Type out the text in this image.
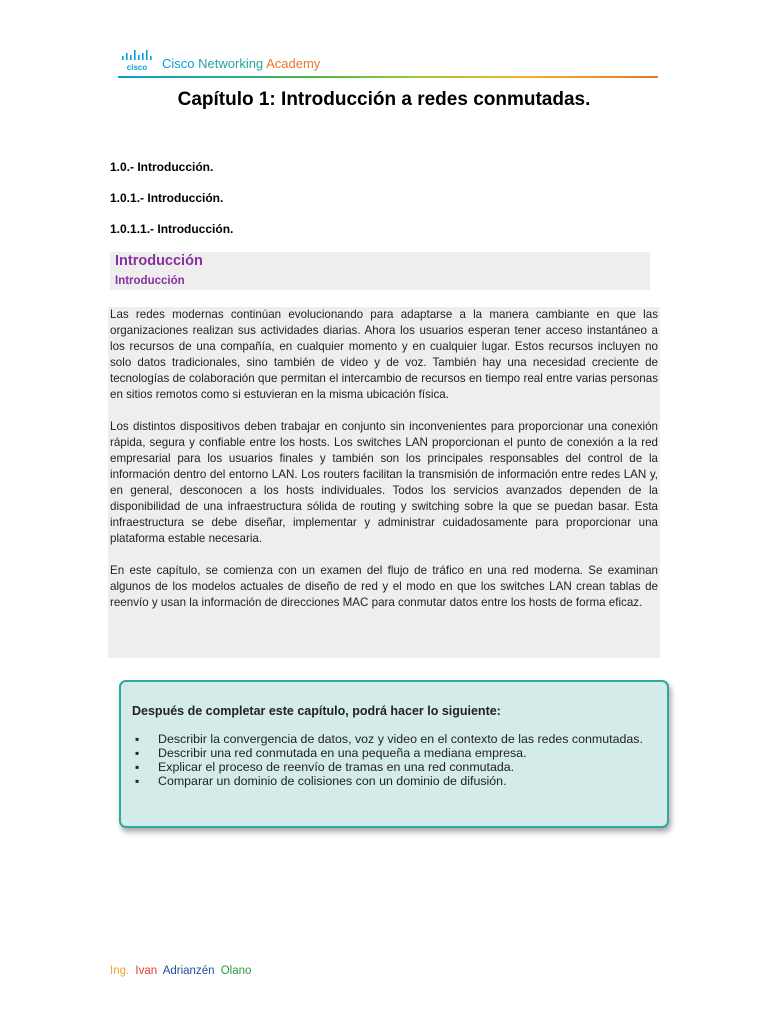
cisco Cisco Networking Academy
Capítulo 1: Introducción a redes conmutadas.

1.0.- Introducción.

1.0.1.- Introducción.

1.0.1.1.- Introducción.

Introducción
Introducción

Las redes modernas continúan evolucionando para adaptarse a la manera cambiante en que las organizaciones realizan sus actividades diarias. Ahora los usuarios esperan tener acceso instantáneo a los recursos de una compañía, en cualquier momento y en cualquier lugar. Estos recursos incluyen no solo datos tradicionales, sino también de video y de voz. También hay una necesidad creciente de tecnologías de colaboración que permitan el intercambio de recursos en tiempo real entre varias personas en sitios remotos como si estuvieran en la misma ubicación física.

Los distintos dispositivos deben trabajar en conjunto sin inconvenientes para proporcionar una conexión rápida, segura y confiable entre los hosts. Los switches LAN proporcionan el punto de conexión a la red empresarial para los usuarios finales y también son los principales responsables del control de la información dentro del entorno LAN. Los routers facilitan la transmisión de información entre redes LAN y, en general, desconocen a los hosts individuales. Todos los servicios avanzados dependen de la disponibilidad de una infraestructura sólida de routing y switching sobre la que se puedan basar. Esta infraestructura se debe diseñar, implementar y administrar cuidadosamente para proporcionar una plataforma estable necesaria.

En este capítulo, se comienza con un examen del flujo de tráfico en una red moderna. Se examinan algunos de los modelos actuales de diseño de red y el modo en que los switches LAN crean tablas de reenvío y usan la información de direcciones MAC para conmutar datos entre los hosts de forma eficaz.

Después de completar este capítulo, podrá hacer lo siguiente:
▪ Describir la convergencia de datos, voz y video en el contexto de las redes conmutadas.
▪ Describir una red conmutada en una pequeña a mediana empresa.
▪ Explicar el proceso de reenvío de tramas en una red conmutada.
▪ Comparar un dominio de colisiones con un dominio de difusión.
Ing. Ivan Adrianzén Olano
